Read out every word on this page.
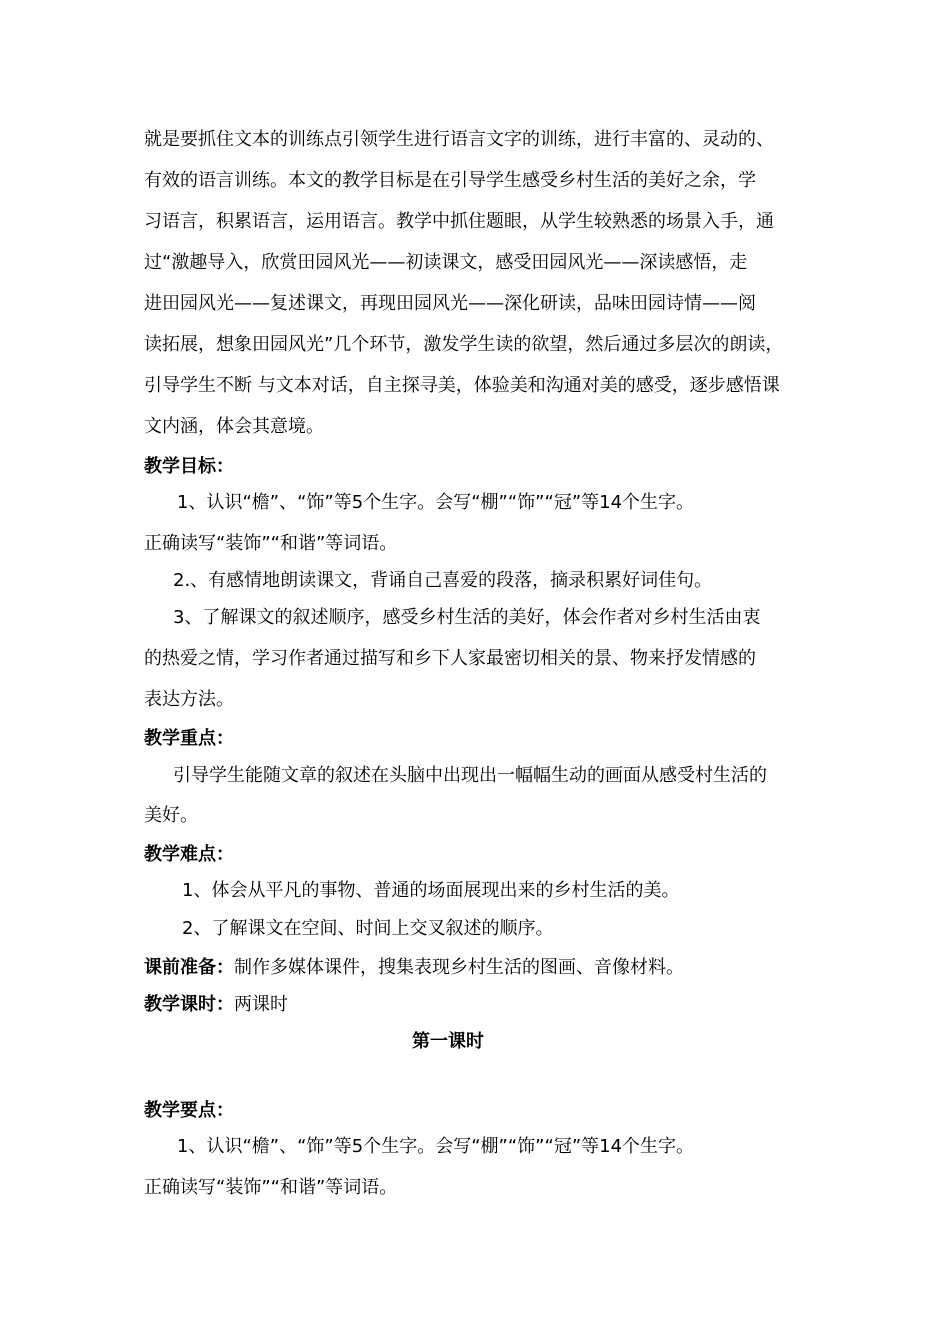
就是要抓住文本的训练点引领学生进行语言文字的训练，进行丰富的、灵动的、

有效的语言训练。本文的教学目标是在引导学生感受乡村生活的美好之余，学

习语言，积累语言，运用语言。教学中抓住题眼，从学生较熟悉的场景入手，通

过“激趣导入，欣赏田园风光——初读课文，感受田园风光——深读感悟，走

进田园风光——复述课文，再现田园风光——深化研读，品味田园诗情——阅

读拓展，想象田园风光”几个环节，激发学生读的欲望，然后通过多层次的朗读，

引导学生不断 与文本对话，自主探寻美，体验美和沟通对美的感受，逐步感悟课

文内涵，体会其意境。

教学目标：

1、认识“檐”、“饰”等5个生字。会写“棚”“饰”“冠”等14个生字。

正确读写“装饰”“和谐”等词语。

2.、有感情地朗读课文，背诵自己喜爱的段落，摘录积累好词佳句。

3、了解课文的叙述顺序，感受乡村生活的美好，体会作者对乡村生活由衷

的热爱之情，学习作者通过描写和乡下人家最密切相关的景、物来抒发情感的

表达方法。

教学重点：

引导学生能随文章的叙述在头脑中出现出一幅幅生动的画面从感受村生活的

美好。

教学难点：

1、体会从平凡的事物、普通的场面展现出来的乡村生活的美。

2、了解课文在空间、时间上交叉叙述的顺序。

课前准备：制作多媒体课件，搜集表现乡村生活的图画、音像材料。

教学课时：两课时

第一课时

教学要点：

1、认识“檐”、“饰”等5个生字。会写“棚”“饰”“冠”等14个生字。

正确读写“装饰”“和谐”等词语。
